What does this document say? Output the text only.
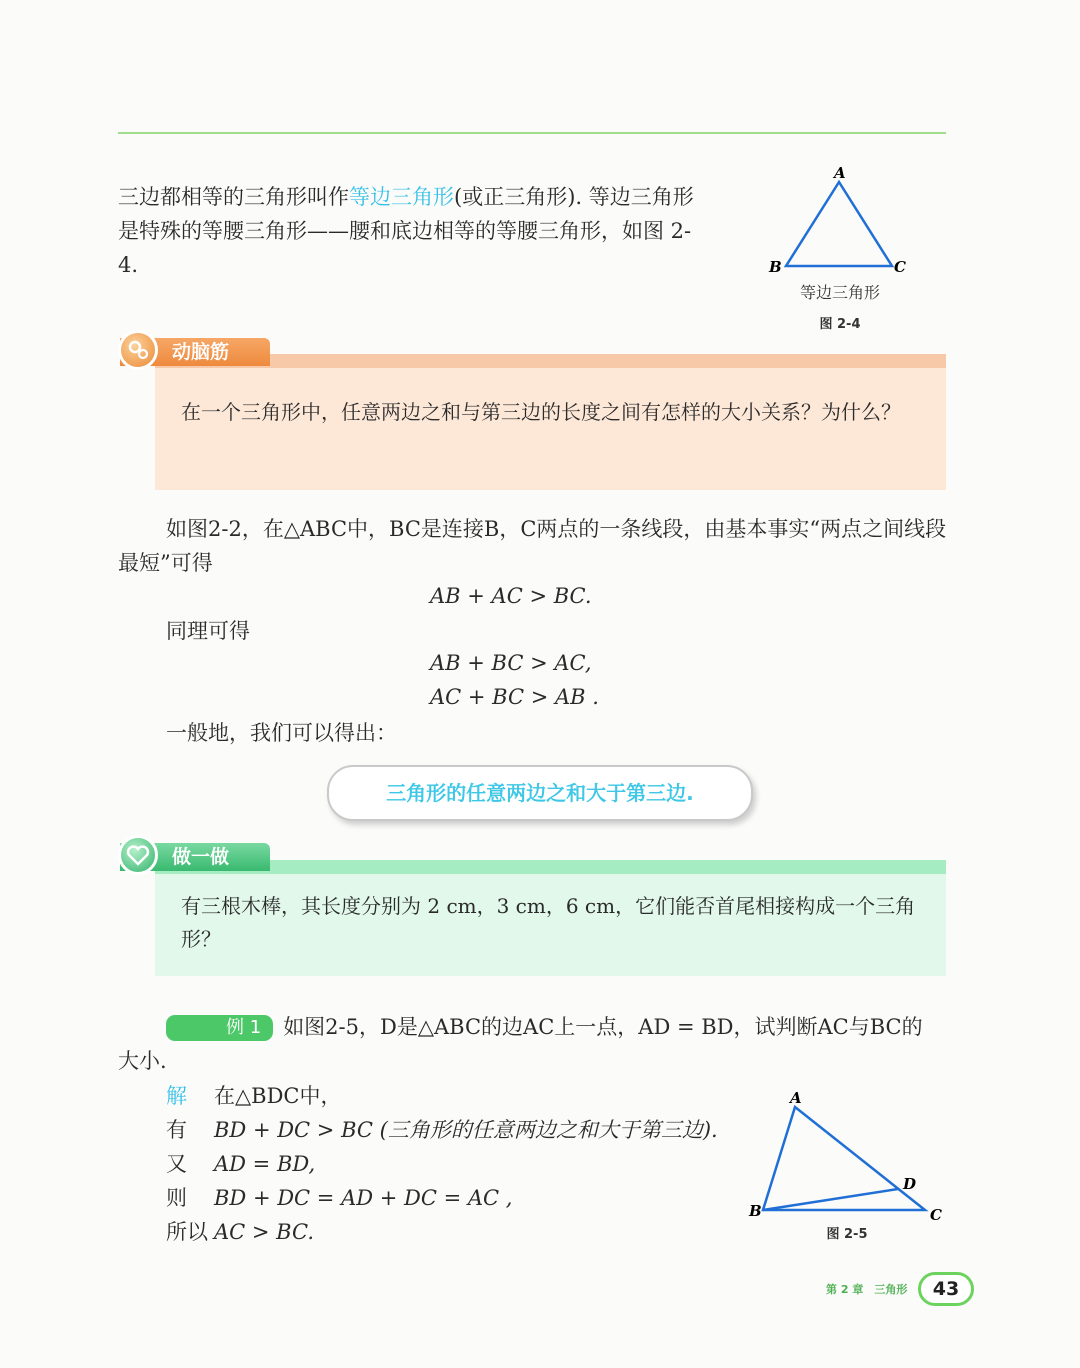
三边都相等的三角形叫作等边三角形(或正三角形). 等边三角形是特殊的等腰三角形——腰和底边相等的等腰三角形，如图 2-4.
A
B	C
等边三角形
图 2-4
在一个三角形中，任意两边之和与第三边的长度之间有怎样的大小关系？为什么？
动脑筋
如图2-2，在△ABC中，BC是连接B，C两点的一条线段，由基本事实“两点之间线段最短”可得
AB + AC > BC.
同理可得
AB + BC > AC,
AC + BC > AB .
一般地，我们可以得出：
三角形的任意两边之和大于第三边.
有三根木棒，其长度分别为 2 cm，3 cm，6 cm，它们能否首尾相接构成一个三角形？
做一做
例 1 如图2-5，D是△ABC的边AC上一点，AD = BD，试判断AC与BC的大小.
解 在△BDC中，
有 BD + DC > BC (三角形的任意两边之和大于第三边).
又 AD = BD,
则 BD + DC = AD + DC = AC ,
所以 AC > BC.
A
B	C
D
图 2-5
第 2 章　三角形	43
